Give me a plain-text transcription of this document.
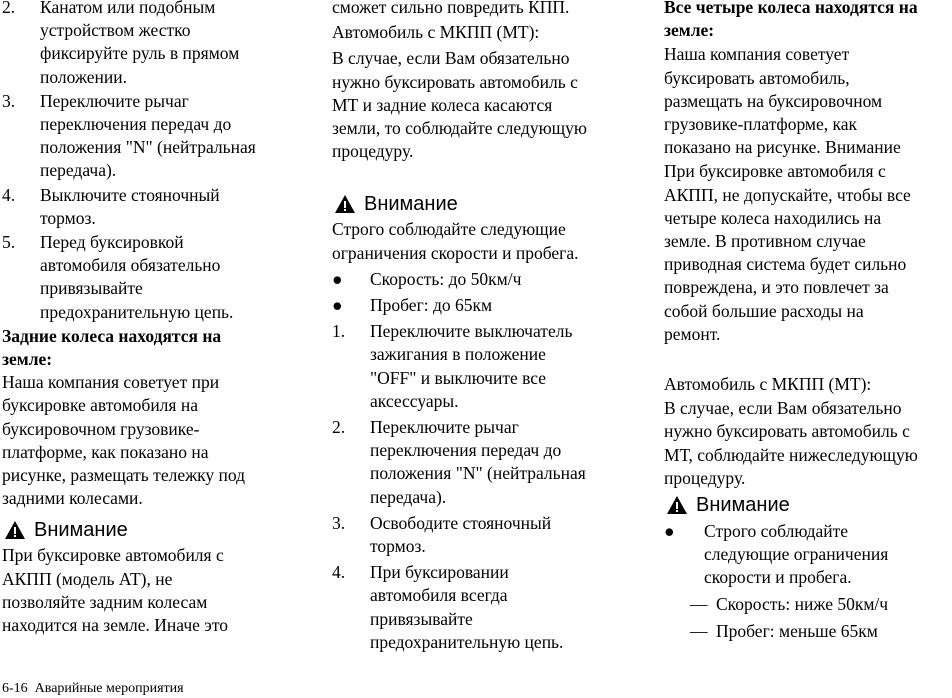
2. Канатом или подобным
устройством жестко
фиксируйте руль в прямом
положении.
3. Переключите рычаг
переключения передач до
положения "N" (нейтральная
передача).
4. Выключите стояночный
тормоз.
5. Перед буксировкой
автомобиля обязательно
привязывайте
предохранительную цепь.
Задние колеса находятся на
земле:
Наша компания советует при
буксировке автомобиля на
буксировочном грузовике-
платформе, как показано на
рисунке, размещать тележку под
задними колесами.
Внимание
При буксировке автомобиля с
АКПП (модель АТ), не
позволяйте задним колесам
находится на земле. Иначе это
сможет сильно повредить КПП.
Автомобиль с МКПП (MT):
В случае, если Вам обязательно
нужно буксировать автомобиль с
МТ и задние колеса касаются
земли, то соблюдайте следующую
процедуру.
Внимание
Строго соблюдайте следующие
ограничения скорости и пробега.
● Скорость: до 50км/ч
● Пробег: до 65км
1. Переключите выключатель
зажигания в положение
"OFF" и выключите все
аксессуары.
2. Переключите рычаг
переключения передач до
положения "N" (нейтральная
передача).
3. Освободите стояночный
тормоз.
4. При буксировании
автомобиля всегда
привязывайте
предохранительную цепь.
Все четыре колеса находятся на
земле:
Наша компания советует
буксировать автомобиль,
размещать на буксировочном
грузовике-платформе, как
показано на рисунке. Внимание
При буксировке автомобиля с
АКПП, не допускайте, чтобы все
четыре колеса находились на
земле. В противном случае
приводная система будет сильно
повреждена, и это повлечет за
собой большие расходы на
ремонт.
Автомобиль с МКПП (MT):
В случае, если Вам обязательно
нужно буксировать автомобиль с
МТ, соблюдайте нижеследующую
процедуру.
Внимание
● Строго соблюдайте
следующие ограничения
скорости и пробега.
— Скорость: ниже 50км/ч
— Пробег: меньше 65км
6-16  Аварийные мероприятия
